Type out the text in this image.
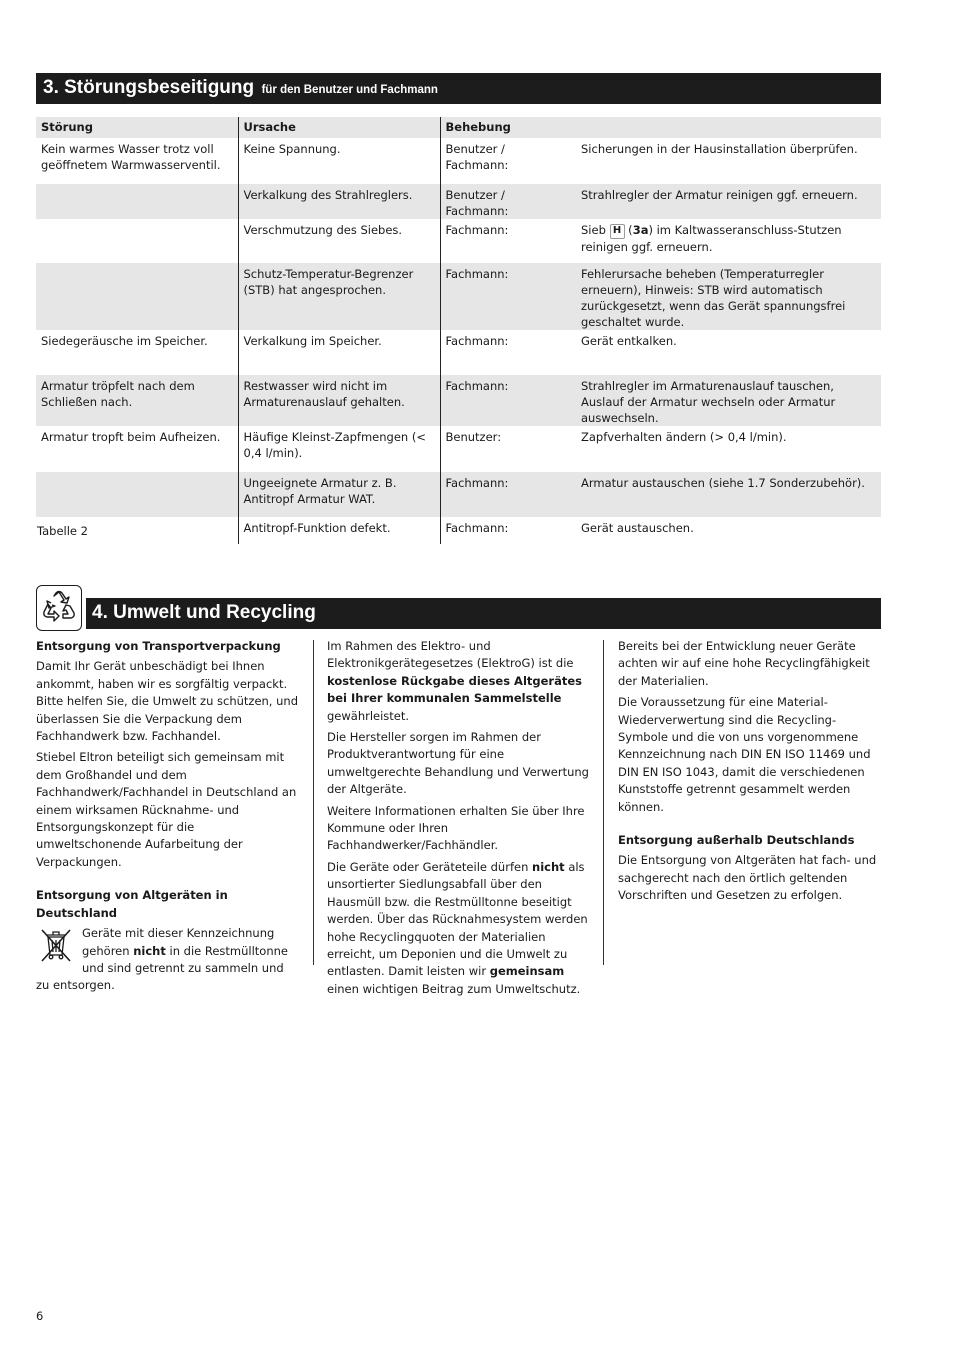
3. Störungsbeseitigung für den Benutzer und Fachmann
Störung	Ursache	Behebung	
Kein warmes Wasser trotz voll geöffnetem Warmwasserventil.	Keine Spannung.	Benutzer / Fachmann:	Sicherungen in der Hausinstallation überprüfen.
	Verkalkung des Strahlreglers.	Benutzer / Fachmann:	Strahlregler der Armatur reinigen ggf. erneuern.
	Verschmutzung des Siebes.	Fachmann:	Sieb H (3a) im Kaltwasseranschluss-Stutzen reinigen ggf. erneuern.
	Schutz-Temperatur-Begrenzer (STB) hat angesprochen.	Fachmann:	Fehlerursache beheben (Temperaturregler erneuern), Hinweis: STB wird automatisch zurückgesetzt, wenn das Gerät spannungsfrei geschaltet wurde.
Siedegeräusche im Speicher.	Verkalkung im Speicher.	Fachmann:	Gerät entkalken.
Armatur tröpfelt nach dem Schließen nach.	Restwasser wird nicht im Armaturenauslauf gehalten.	Fachmann:	Strahlregler im Armaturenauslauf tauschen, Auslauf der Armatur wechseln oder Armatur auswechseln.
Armatur tropft beim Aufheizen.	Häufige Kleinst-Zapfmengen (< 0,4 l/min).	Benutzer:	Zapfverhalten ändern (> 0,4 l/min).
	Ungeeignete Armatur z. B. Antitropf Armatur WAT.	Fachmann:	Armatur austauschen (siehe 1.7 Sonderzubehör).
	Antitropf-Funktion defekt.	Fachmann:	Gerät austauschen.
Tabelle 2
4. Umwelt und Recycling

Entsorgung von Transportverpackung

Damit Ihr Gerät unbeschädigt bei Ihnen ankommt, haben wir es sorgfältig verpackt. Bitte helfen Sie, die Umwelt zu schützen, und überlassen Sie die Verpackung dem Fachhandwerk bzw. Fachhandel.

Stiebel Eltron beteiligt sich gemeinsam mit dem Großhandel und dem Fachhandwerk/Fachhandel in Deutschland an einem wirksamen Rücknahme- und Entsorgungskonzept für die umweltschonende Aufarbeitung der Verpackungen.

Entsorgung von Altgeräten in Deutschland

Geräte mit dieser Kennzeichnung gehören nicht in die Restmülltonne und sind getrennt zu sammeln und zu entsorgen.

Im Rahmen des Elektro- und Elektronikgerätegesetzes (ElektroG) ist die kostenlose Rückgabe dieses Altgerätes bei Ihrer kommunalen Sammelstelle gewährleistet.

Die Hersteller sorgen im Rahmen der Produktverantwortung für eine umweltgerechte Behandlung und Verwertung der Altgeräte.

Weitere Informationen erhalten Sie über Ihre Kommune oder Ihren Fachhandwerker/Fachhändler.

Die Geräte oder Geräteteile dürfen nicht als unsortierter Siedlungsabfall über den Hausmüll bzw. die Restmülltonne beseitigt werden. Über das Rücknahmesystem werden hohe Recyclingquoten der Materialien erreicht, um Deponien und die Umwelt zu entlasten. Damit leisten wir gemeinsam einen wichtigen Beitrag zum Umweltschutz.

Bereits bei der Entwicklung neuer Geräte achten wir auf eine hohe Recyclingfähigkeit der Materialien.

Die Voraussetzung für eine Material-Wiederverwertung sind die Recycling-Symbole und die von uns vorgenommene Kennzeichnung nach DIN EN ISO 11469 und DIN EN ISO 1043, damit die verschiedenen Kunststoffe getrennt gesammelt werden können.

Entsorgung außerhalb Deutschlands

Die Entsorgung von Altgeräten hat fach- und sachgerecht nach den örtlich geltenden Vorschriften und Gesetzen zu erfolgen.

6
